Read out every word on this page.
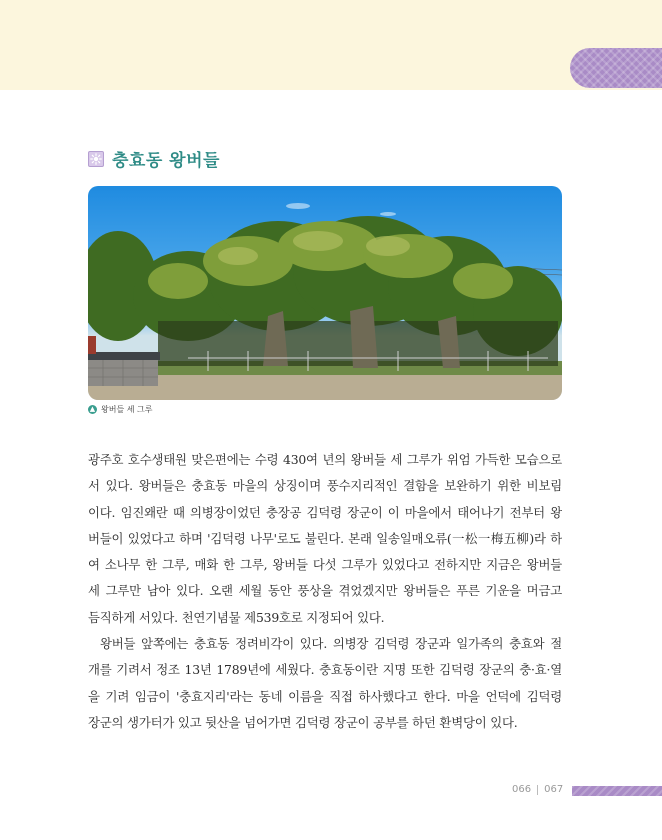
충효동 왕버들
▲ 왕버들 세 그루

광주호 호수생태원 맞은편에는 수령 430여 년의 왕버들 세 그루가 위엄 가득한 모습으로
서 있다. 왕버들은 충효동 마을의 상징이며 풍수지리적인 결함을 보완하기 위한 비보림
이다. 임진왜란 때 의병장이었던 충장공 김덕령 장군이 이 마을에서 태어나기 전부터 왕
버들이 있었다고 하며 '김덕령 나무'로도 불린다. 본래 일송일매오류(一松一梅五柳)라 하
여 소나무 한 그루, 매화 한 그루, 왕버들 다섯 그루가 있었다고 전하지만 지금은 왕버들
세 그루만 남아 있다. 오랜 세월 동안 풍상을 겪었겠지만 왕버들은 푸른 기운을 머금고
듬직하게 서있다. 천연기념물 제539호로 지정되어 있다.

왕버들 앞쪽에는 충효동 정려비각이 있다. 의병장 김덕령 장군과 일가족의 충효와 절
개를 기려서 정조 13년 1789년에 세웠다. 충효동이란 지명 또한 김덕령 장군의 충·효·열
을 기려 임금이 '충효지리'라는 동네 이름을 직접 하사했다고 한다. 마을 언덕에 김덕령
장군의 생가터가 있고 뒷산을 넘어가면 김덕령 장군이 공부를 하던 환벽당이 있다.

066 067
